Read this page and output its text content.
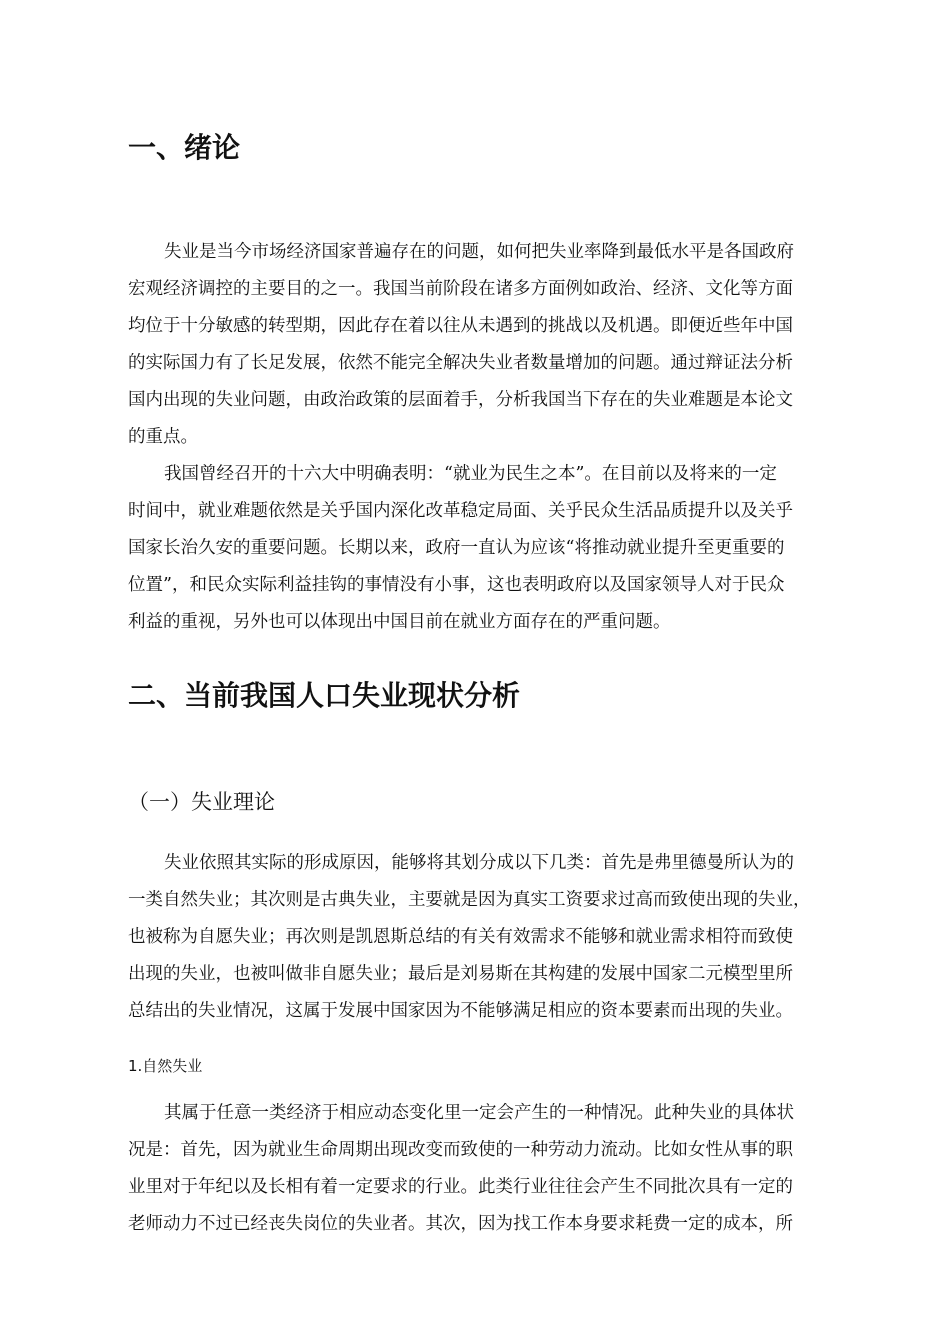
一、绪论
失业是当今市场经济国家普遍存在的问题，如何把失业率降到最低水平是各国政府
宏观经济调控的主要目的之一。我国当前阶段在诸多方面例如政治、经济、文化等方面
均位于十分敏感的转型期，因此存在着以往从未遇到的挑战以及机遇。即便近些年中国
的实际国力有了长足发展，依然不能完全解决失业者数量增加的问题。通过辩证法分析
国内出现的失业问题，由政治政策的层面着手，分析我国当下存在的失业难题是本论文
的重点。
我国曾经召开的十六大中明确表明：“就业为民生之本”。在目前以及将来的一定
时间中，就业难题依然是关乎国内深化改革稳定局面、关乎民众生活品质提升以及关乎
国家长治久安的重要问题。长期以来，政府一直认为应该“将推动就业提升至更重要的
位置”，和民众实际利益挂钩的事情没有小事，这也表明政府以及国家领导人对于民众
利益的重视，另外也可以体现出中国目前在就业方面存在的严重问题。
二、当前我国人口失业现状分析
（一）失业理论
失业依照其实际的形成原因，能够将其划分成以下几类：首先是弗里德曼所认为的
一类自然失业；其次则是古典失业，主要就是因为真实工资要求过高而致使出现的失业，
也被称为自愿失业；再次则是凯恩斯总结的有关有效需求不能够和就业需求相符而致使
出现的失业，也被叫做非自愿失业；最后是刘易斯在其构建的发展中国家二元模型里所
总结出的失业情况，这属于发展中国家因为不能够满足相应的资本要素而出现的失业。
1.自然失业
其属于任意一类经济于相应动态变化里一定会产生的一种情况。此种失业的具体状
况是：首先，因为就业生命周期出现改变而致使的一种劳动力流动。比如女性从事的职
业里对于年纪以及长相有着一定要求的行业。此类行业往往会产生不同批次具有一定的
老师动力不过已经丧失岗位的失业者。其次，因为找工作本身要求耗费一定的成本，所
